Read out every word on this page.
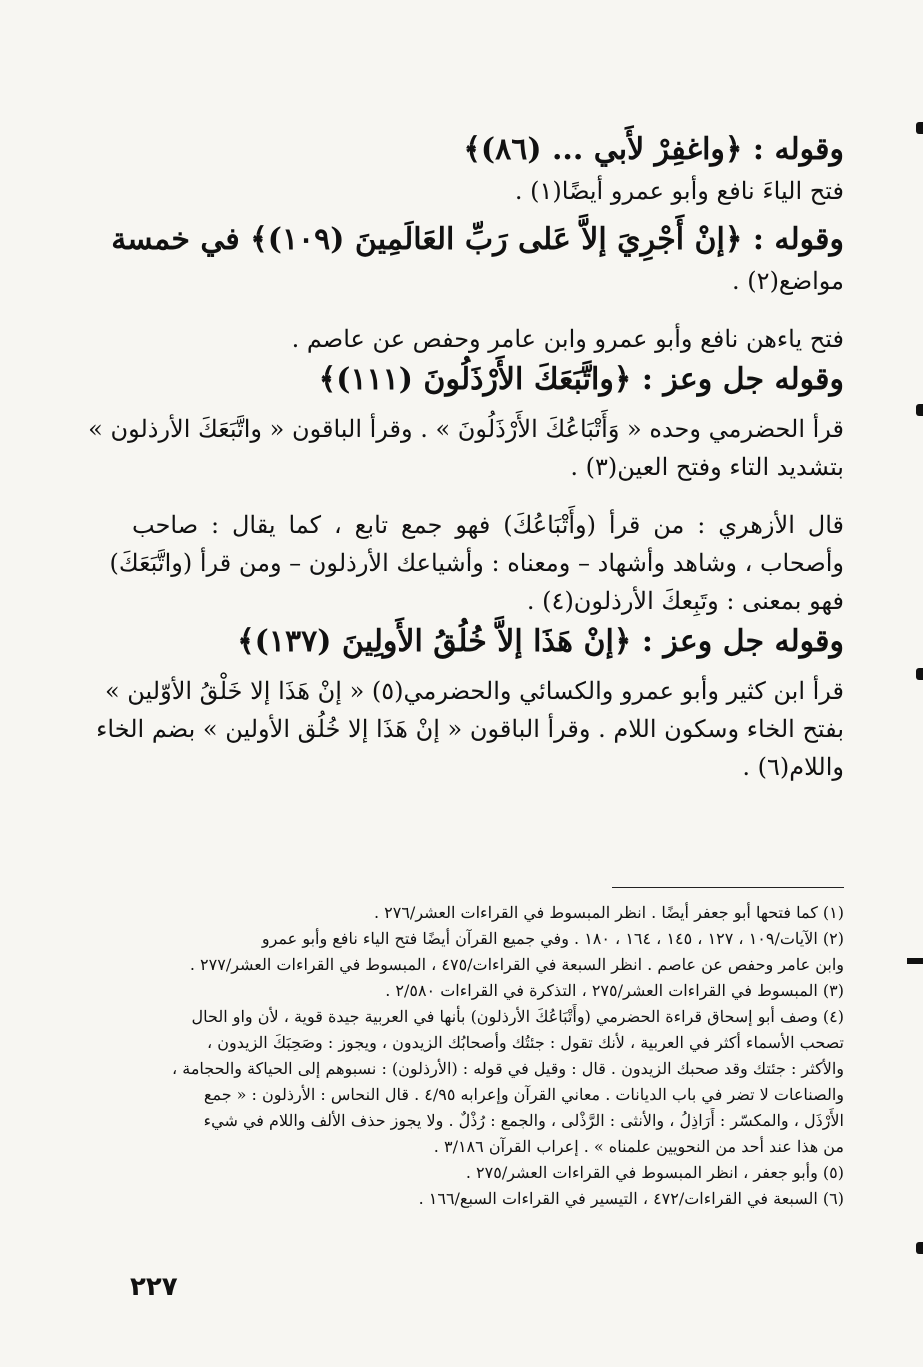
وقوله : ﴿واغفِرْ لأَبي ... (٨٦)﴾
فتح الياءَ نافع وأبو عمرو أيضًا(١) .
وقوله : ﴿إنْ أَجْرِيَ إلاَّ عَلى رَبِّ العَالَمِينَ (١٠٩)﴾ في خمسة
مواضع(٢) .
فتح ياءهن نافع وأبو عمرو وابن عامر وحفص عن عاصم .
وقوله جل وعز : ﴿واتَّبَعَكَ الأَرْذَلُونَ (١١١)﴾
قرأ الحضرمي وحده « وَأَتْبَاعُكَ الأَرْذَلُونَ » . وقرأ الباقون « واتَّبَعَكَ الأرذلون »
بتشديد التاء وفتح العين(٣) .
قال الأزهري : من قرأ (وأَتْبَاعُكَ) فهو جمع تابع ، كما يقال : صاحب
وأصحاب ، وشاهد وأشهاد – ومعناه : وأشياعك الأرذلون – ومن قرأ (واتَّبَعَكَ)
فهو بمعنى : وتَبِعكَ الأرذلون(٤) .
وقوله جل وعز : ﴿إنْ هَذَا إلاَّ خُلُقُ الأَولِينَ (١٣٧)﴾
قرأ ابن كثير وأبو عمرو والكسائي والحضرمي(٥) « إنْ هَذَا إلا خَلْقُ الأوّلين »
بفتح الخاء وسكون اللام . وقرأ الباقون « إنْ هَذَا إلا خُلُق الأولين » بضم الخاء
واللام(٦) .
(١) كما فتحها أبو جعفر أيضًا . انظر المبسوط في القراءات العشر/٢٧٦ .
(٢) الآيات/١٠٩ ، ١٢٧ ، ١٤٥ ، ١٦٤ ، ١٨٠ . وفي جميع القرآن أيضًا فتح الياء نافع وأبو عمرو
وابن عامر وحفص عن عاصم . انظر السبعة في القراءات/٤٧٥ ، المبسوط في القراءات العشر/٢٧٧ .
(٣) المبسوط في القراءات العشر/٢٧٥ ، التذكرة في القراءات ٢/٥٨٠ .
(٤) وصف أبو إسحاق قراءة الحضرمي (وأَتْبَاعُكَ الأرذلون) بأنها في العربية جيدة قوية ، لأن واو الحال
تصحب الأسماء أكثر في العربية ، لأنك تقول : جئتُك وأصحابُك الزيدون ، ويجوز : وصَحِبَكَ الزيدون ،
والأكثر : جئتك وقد صحبك الزيدون . قال : وقيل في قوله : (الأرذلون) : نسبوهم إلى الحياكة والحجامة ،
والصناعات لا تضر في باب الديانات . معاني القرآن وإعرابه ٤/٩٥ . قال النحاس : الأرذلون : « جمع
الأَرْذَل ، والمكسّر : أَرَاذِلُ ، والأنثى : الرَّذْلى ، والجمع : رُذْلٌ . ولا يجوز حذف الألف واللام في شيء
من هذا عند أحد من النحويين علمناه » . إعراب القرآن ٣/١٨٦ .
(٥) وأبو جعفر ، انظر المبسوط في القراءات العشر/٢٧٥ .
(٦) السبعة في القراءات/٤٧٢ ، التيسير في القراءات السبع/١٦٦ .
٢٢٧
